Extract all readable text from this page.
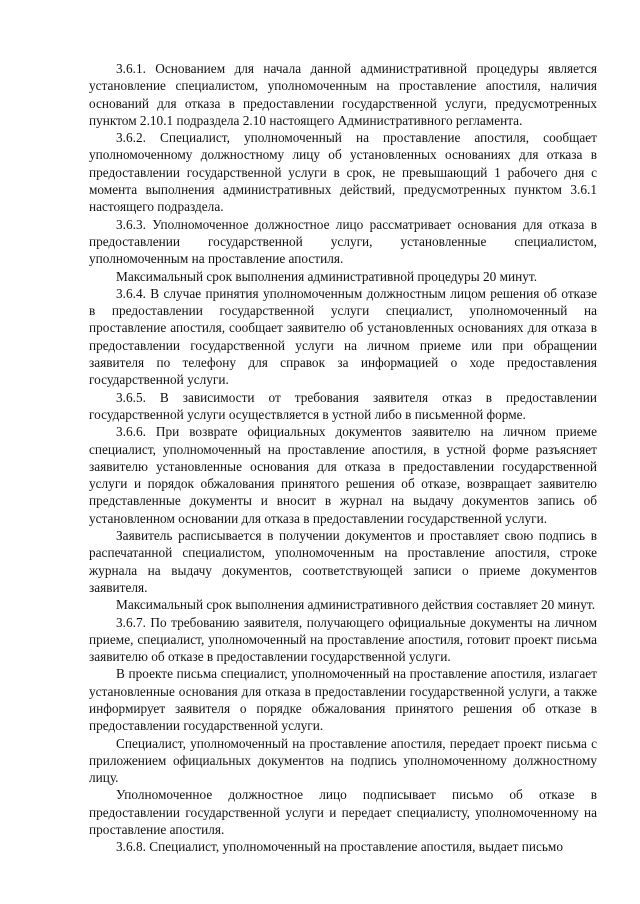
3.6.1. Основанием для начала данной административной процедуры является установление специалистом, уполномоченным на проставление апостиля, наличия оснований для отказа в предоставлении государственной услуги, предусмотренных пунктом 2.10.1 подраздела 2.10 настоящего Административного регламента.

3.6.2. Специалист, уполномоченный на проставление апостиля, сообщает уполномоченному должностному лицу об установленных основаниях для отказа в предоставлении государственной услуги в срок, не превышающий 1 рабочего дня с момента выполнения административных действий, предусмотренных пунктом 3.6.1 настоящего подраздела.

3.6.3. Уполномоченное должностное лицо рассматривает основания для отказа в предоставлении государственной услуги, установленные специалистом, уполномоченным на проставление апостиля.

Максимальный срок выполнения административной процедуры 20 минут.

3.6.4. В случае принятия уполномоченным должностным лицом решения об отказе в предоставлении государственной услуги специалист, уполномоченный на проставление апостиля, сообщает заявителю об установленных основаниях для отказа в предоставлении государственной услуги на личном приеме или при обращении заявителя по телефону для справок за информацией о ходе предоставления государственной услуги.

3.6.5. В зависимости от требования заявителя отказ в предоставлении государственной услуги осуществляется в устной либо в письменной форме.

3.6.6. При возврате официальных документов заявителю на личном приеме специалист, уполномоченный на проставление апостиля, в устной форме разъясняет заявителю установленные основания для отказа в предоставлении государственной услуги и порядок обжалования принятого решения об отказе, возвращает заявителю представленные документы и вносит в журнал на выдачу документов запись об установленном основании для отказа в предоставлении государственной услуги.

Заявитель расписывается в получении документов и проставляет свою подпись в распечатанной специалистом, уполномоченным на проставление апостиля, строке журнала на выдачу документов, соответствующей записи о приеме документов заявителя.

Максимальный срок выполнения административного действия составляет 20 минут.

3.6.7. По требованию заявителя, получающего официальные документы на личном приеме, специалист, уполномоченный на проставление апостиля, готовит проект письма заявителю об отказе в предоставлении государственной услуги.

В проекте письма специалист, уполномоченный на проставление апостиля, излагает установленные основания для отказа в предоставлении государственной услуги, а также информирует заявителя о порядке обжалования принятого решения об отказе в предоставлении государственной услуги.

Специалист, уполномоченный на проставление апостиля, передает проект письма с приложением официальных документов на подпись уполномоченному должностному лицу.

Уполномоченное должностное лицо подписывает письмо об отказе в предоставлении государственной услуги и передает специалисту, уполномоченному на проставление апостиля.

3.6.8. Специалист, уполномоченный на проставление апостиля, выдает письмо
